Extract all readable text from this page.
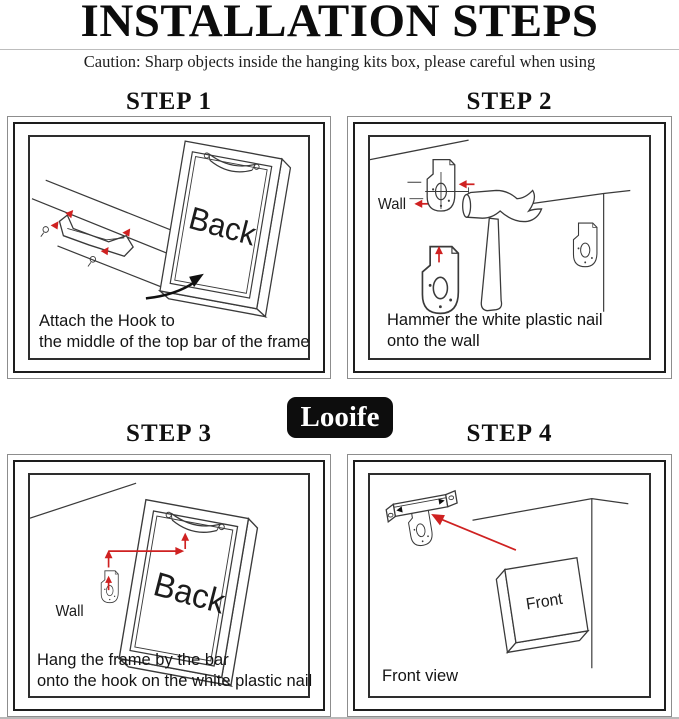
INSTALLATION STEPS
Caution: Sharp objects inside the hanging kits box, please careful when using
STEP 1	STEP 2
STEP 3	STEP 4
Back
Attach the Hook to
the middle of the top bar of the frame
Wall
Hammer the white plastic nail
onto the wall
Back
Wall
Hang the frame by the bar
onto the hook on the white plastic nail
Front
Front view
Looife
